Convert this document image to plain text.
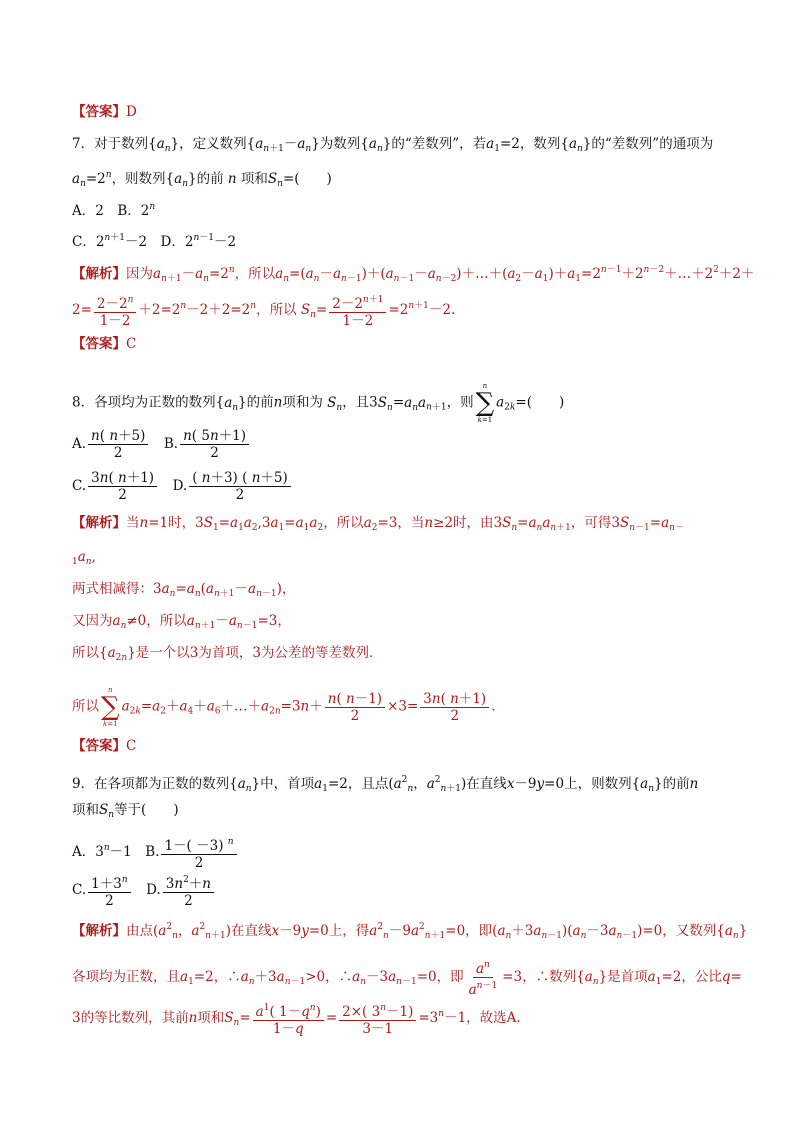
【答案】D
7．对于数列$\{a_n\}$，定义数列$\{a_{n+1}-a_n\}$为数列$\{a_n\}$的“差数列”，若$a_1=2$，数列$\{a_n\}$的“差数列”的通项为
$a_n=2^n$，则数列$\{a_n\}$的前 n 项和$S_n=$(　　)
A．2　B．2$^n$
C．$2^{n+1}-2$　D．$2^{n-1}-2$
【解析】因为$a_{n+1}-a_n=2^n$，所以$a_n=(a_n-a_{n-1})+(a_{n-1}-a_{n-2})+\dots+(a_2-a_1)+a_1=2^{n-1}+2^{n-2}+\dots+2^2+2+$
$2= \frac{2-2^n}{1-2} +2=2^n-2+2=2^n$，所以 $S_n= \frac{2-2^{n+1}}{1-2} =2^{n+1}-2$.
【答案】C
8．各项均为正数的数列$\{a_n\}$的前n项和为 $S_n$，且$3S_n=a_na_{n+1}$，则
n
∑
k=1
$a_{2k}=$(　　)
A. $\frac{n( n+5)}{2}$
　 B. $\frac{n( 5n+1)}{2}$
C. $\frac{3n( n+1)}{2}$
　 D. $\frac{( n+3) ( n+5)}{2}$
【解析】当n=1时，$3S_1=a_1a_2,3a_1=a_1a_2$，所以$a_2=3$，当n≥2时，由$3S_n=a_na_{n+1}$，可得$3S_{n-1}=a_{n-}$
$_1a_n$,
两式相减得：$3a_n=a_n(a_{n+1}-a_{n-1})$，
又因为$a_n\ne 0$，所以$a_{n+1}-a_{n-1}=3$，
所以$\{a_{2n}\}$是一个以3为首项，3为公差的等差数列．
所以
n
∑
k=1
$a_{2k}=a_2+a_4+a_6+\dots+a_{2n}=3n+ \frac{n( n-1)}{2} \times 3= \frac{3n( n+1)}{2}$ .
【答案】C
9．在各项都为正数的数列$\{a_n\}$中，首项$a_1=2$，且点($a^2_n$，$a^2_{n+1}$)在直线x－9y=0上，则数列$\{a_n\}$的前n
项和$S_n$等于(　　)
A．$3^n-1$　B. $\frac{1-( -3) ^n}{2}$
C. $\frac{1+3^n}{2}$
　 D. $\frac{3n^2+n}{2}$
【解析】由点($a^2_n$，$a^2_{n+1}$)在直线x－9y=0上，得$a^2_n-9a^2_{n+1}=0$，即$(a_n+3a_{n-1})(a_n-3a_{n-1})=0$，又数列$\{a_n\}$
各项均为正数，且$a_1=2$，$\therefore a_n+3a_{n-1}>0$，$\therefore a_n-3a_{n-1}=0$，即 $\frac{a^n}{a^{n-1}} =3$，∴数列$\{a_n\}$是首项$a_1=2$，公比q=
3的等比数列，其前n项和$S_n= \frac{a^1( 1-q^n)}{1-q} = \frac{2\times( 3^n-1)}{3-1} =3^n-1$，故选A.
